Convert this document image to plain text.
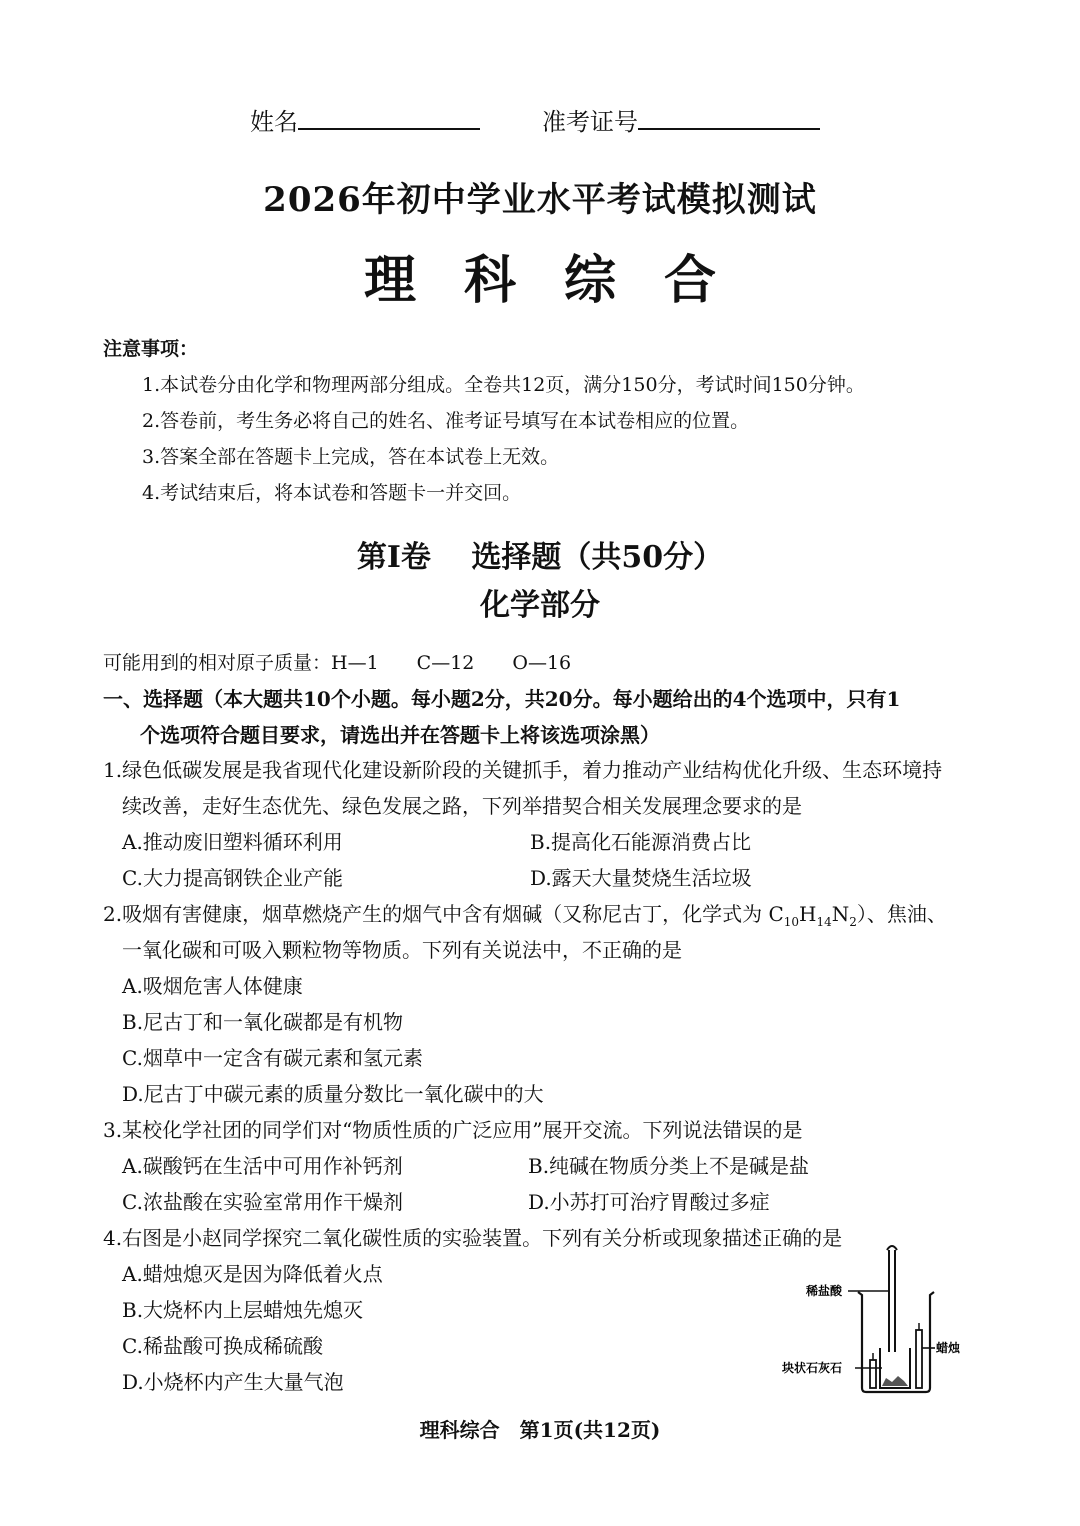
姓名	准考证号
2026年初中学业水平考试模拟测试
理科综合
注意事项：
1.本试卷分由化学和物理两部分组成。全卷共12页，满分150分，考试时间150分钟。
2.答卷前，考生务必将自己的姓名、准考证号填写在本试卷相应的位置。
3.答案全部在答题卡上完成，答在本试卷上无效。
4.考试结束后，将本试卷和答题卡一并交回。
第I卷　 选择题（共50分）
化学部分
可能用到的相对原子质量：H—1　　C—12　　O—16
一、选择题（本大题共10个小题。每小题2分，共20分。每小题给出的4个选项中，只有1
个选项符合题目要求，请选出并在答题卡上将该选项涂黑）
1.绿色低碳发展是我省现代化建设新阶段的关键抓手，着力推动产业结构优化升级、生态环境持
续改善，走好生态优先、绿色发展之路，下列举措契合相关发展理念要求的是
A.推动废旧塑料循环利用	B.提高化石能源消费占比
C.大力提高钢铁企业产能	D.露天大量焚烧生活垃圾
2.吸烟有害健康，烟草燃烧产生的烟气中含有烟碱（又称尼古丁，化学式为 $C_{10}H_{14}N_2$）、焦油、
一氧化碳和可吸入颗粒物等物质。下列有关说法中，不正确的是
A.吸烟危害人体健康
B.尼古丁和一氧化碳都是有机物
C.烟草中一定含有碳元素和氢元素
D.尼古丁中碳元素的质量分数比一氧化碳中的大
3.某校化学社团的同学们对“物质性质的广泛应用”展开交流。下列说法错误的是
A.碳酸钙在生活中可用作补钙剂	B.纯碱在物质分类上不是碱是盐
C.浓盐酸在实验室常用作干燥剂	D.小苏打可治疗胃酸过多症
4.右图是小赵同学探究二氧化碳性质的实验装置。下列有关分析或现象描述正确的是
A.蜡烛熄灭是因为降低着火点
B.大烧杯内上层蜡烛先熄灭
C.稀盐酸可换成稀硫酸
D.小烧杯内产生大量气泡
稀盐酸
蜡烛
块状石灰石
理科综合　第1页(共12页)
